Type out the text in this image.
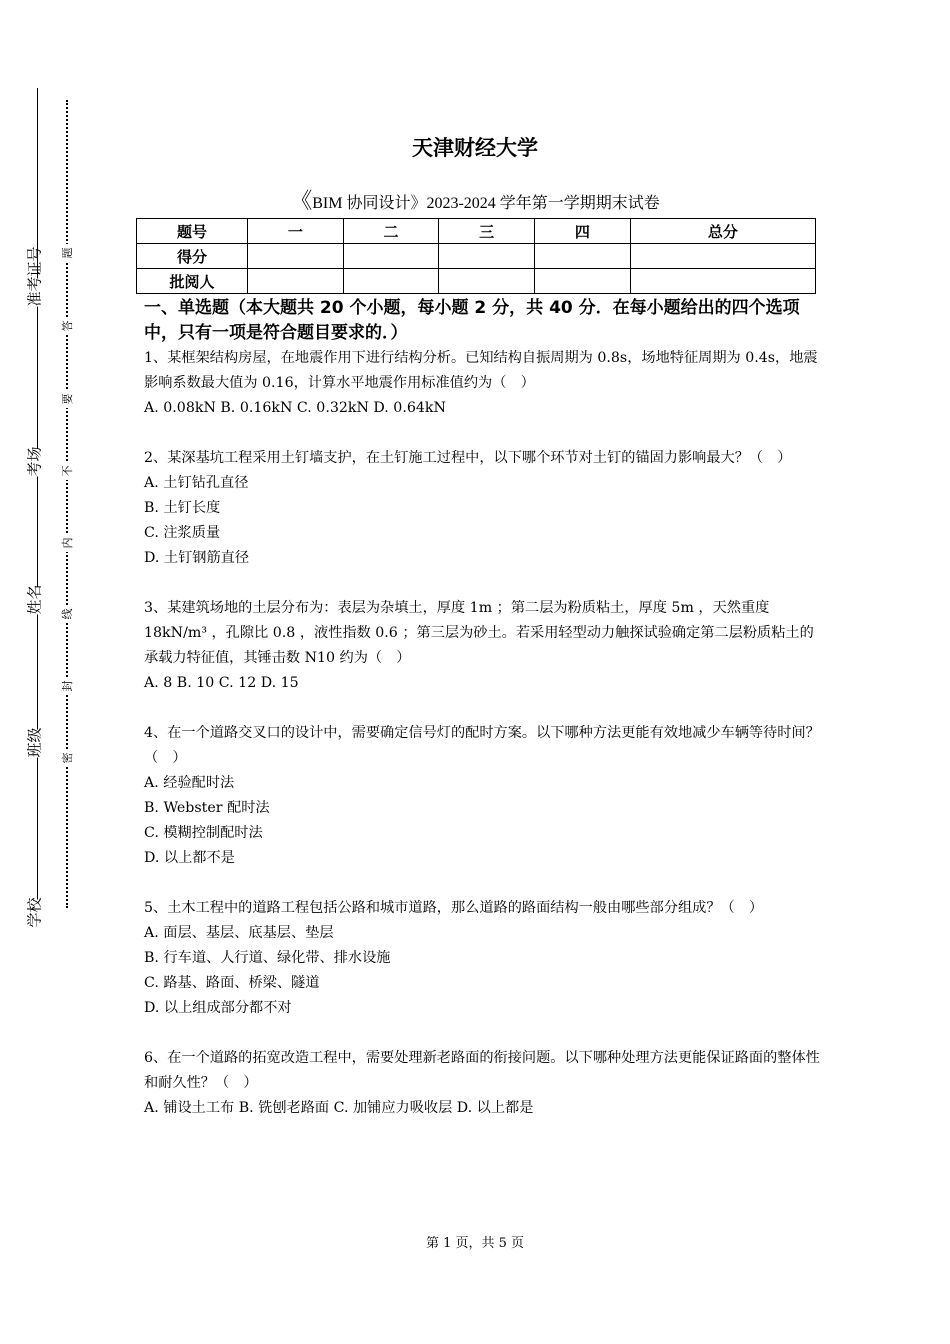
准考证号
考场
姓名
班级
学校
题
答
要
不
内
线
封
密
天津财经大学
《BIM 协同设计》2023-2024 学年第一学期期末试卷
题号	一	二	三	四	总分
得分					
批阅人					
一、单选题（本大题共 20 个小题，每小题 2 分，共 40 分．在每小题给出的四个选项中，只有一项是符合题目要求的．）

1、某框架结构房屋，在地震作用下进行结构分析。已知结构自振周期为 0.8s，场地特征周期为 0.4s，地震影响系数最大值为 0.16，计算水平地震作用标准值约为（　）

A. 0.08kN B. 0.16kN C. 0.32kN D. 0.64kN

2、某深基坑工程采用土钉墙支护，在土钉施工过程中，以下哪个环节对土钉的锚固力影响最大？（　）

A. 土钉钻孔直径

B. 土钉长度

C. 注浆质量

D. 土钉钢筋直径

3、某建筑场地的土层分布为：表层为杂填土，厚度 1m ；第二层为粉质粘土，厚度 5m ，天然重度 18kN/m³ ，孔隙比 0.8 ，液性指数 0.6 ；第三层为砂土。若采用轻型动力触探试验确定第二层粉质粘土的承载力特征值，其锤击数 N10 约为（　）

A. 8 B. 10 C. 12 D. 15

4、在一个道路交叉口的设计中，需要确定信号灯的配时方案。以下哪种方法更能有效地减少车辆等待时间？（　）

A. 经验配时法

B. Webster 配时法

C. 模糊控制配时法

D. 以上都不是

5、土木工程中的道路工程包括公路和城市道路，那么道路的路面结构一般由哪些部分组成？（　）

A. 面层、基层、底基层、垫层

B. 行车道、人行道、绿化带、排水设施

C. 路基、路面、桥梁、隧道

D. 以上组成部分都不对

6、在一个道路的拓宽改造工程中，需要处理新老路面的衔接问题。以下哪种处理方法更能保证路面的整体性和耐久性？（　）

A. 铺设土工布 B. 铣刨老路面 C. 加铺应力吸收层 D. 以上都是

第 1 页，共 5 页
